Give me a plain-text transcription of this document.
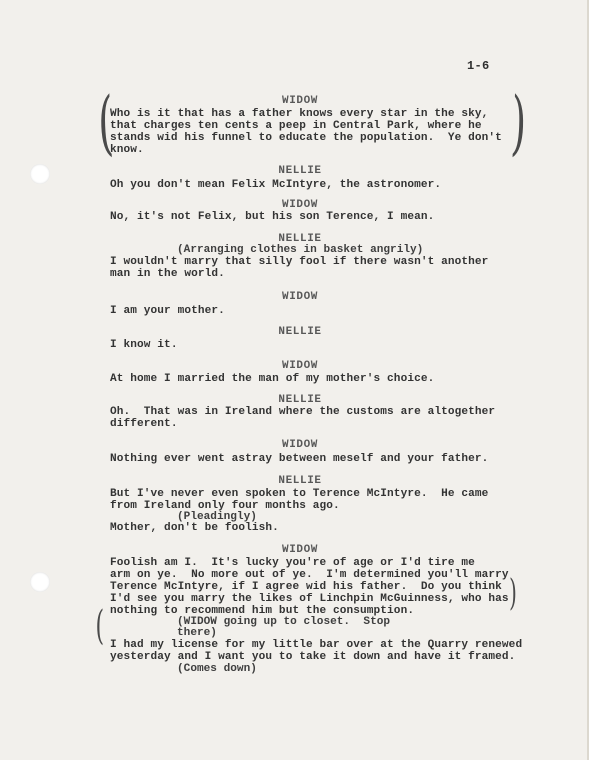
1-6
(	)
(
)
WIDOW
Who is it that has a father knows every star in the sky,
that charges ten cents a peep in Central Park, where he
stands wid his funnel to educate the population.  Ye don't
know.
NELLIE
Oh you don't mean Felix McIntyre, the astronomer.
WIDOW
No, it's not Felix, but his son Terence, I mean.
NELLIE
(Arranging clothes in basket angrily)
I wouldn't marry that silly fool if there wasn't another
man in the world.
WIDOW
I am your mother.
NELLIE
I know it.
WIDOW
At home I married the man of my mother's choice.
NELLIE
Oh.  That was in Ireland where the customs are altogether
different.
WIDOW
Nothing ever went astray between meself and your father.
NELLIE
But I've never even spoken to Terence McIntyre.  He came
from Ireland only four months ago.
(Pleadingly)
Mother, don't be foolish.
WIDOW
Foolish am I.  It's lucky you're of age or I'd tire me
arm on ye.  No more out of ye.  I'm determined you'll marry
Terence McIntyre, if I agree wid his father.  Do you think
I'd see you marry the likes of Linchpin McGuinness, who has
nothing to recommend him but the consumption.
(WIDOW going up to closet.  Stop
there)
I had my license for my little bar over at the Quarry renewed
yesterday and I want you to take it down and have it framed.
(Comes down)
